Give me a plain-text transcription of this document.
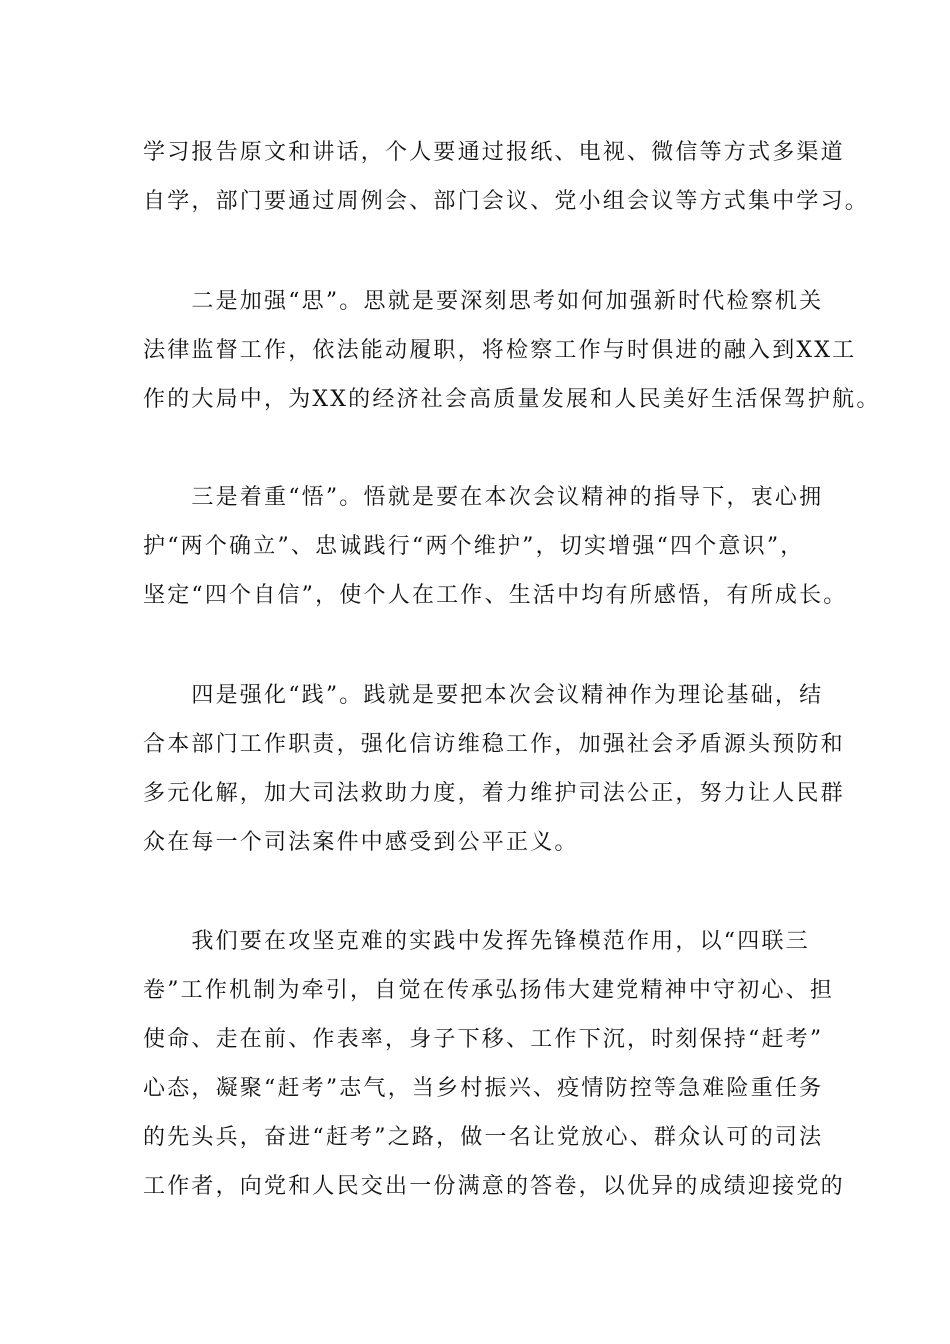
学习报告原文和讲话，个人要通过报纸、电视、微信等方式多渠道
自学，部门要通过周例会、部门会议、党小组会议等方式集中学习。
　　二是加强“思”。思就是要深刻思考如何加强新时代检察机关
法律监督工作，依法能动履职，将检察工作与时俱进的融入到XX工
作的大局中，为XX的经济社会高质量发展和人民美好生活保驾护航。
　　三是着重“悟”。悟就是要在本次会议精神的指导下，衷心拥
护“两个确立”、忠诚践行“两个维护”，切实增强“四个意识”，
坚定“四个自信”，使个人在工作、生活中均有所感悟，有所成长。
　　四是强化“践”。践就是要把本次会议精神作为理论基础，结
合本部门工作职责，强化信访维稳工作，加强社会矛盾源头预防和
多元化解，加大司法救助力度，着力维护司法公正，努力让人民群
众在每一个司法案件中感受到公平正义。
　　我们要在攻坚克难的实践中发挥先锋模范作用，以“四联三
卷”工作机制为牵引，自觉在传承弘扬伟大建党精神中守初心、担
使命、走在前、作表率，身子下移、工作下沉，时刻保持“赶考”
心态，凝聚“赶考”志气，当乡村振兴、疫情防控等急难险重任务
的先头兵，奋进“赶考”之路，做一名让党放心、群众认可的司法
工作者，向党和人民交出一份满意的答卷，以优异的成绩迎接党的
